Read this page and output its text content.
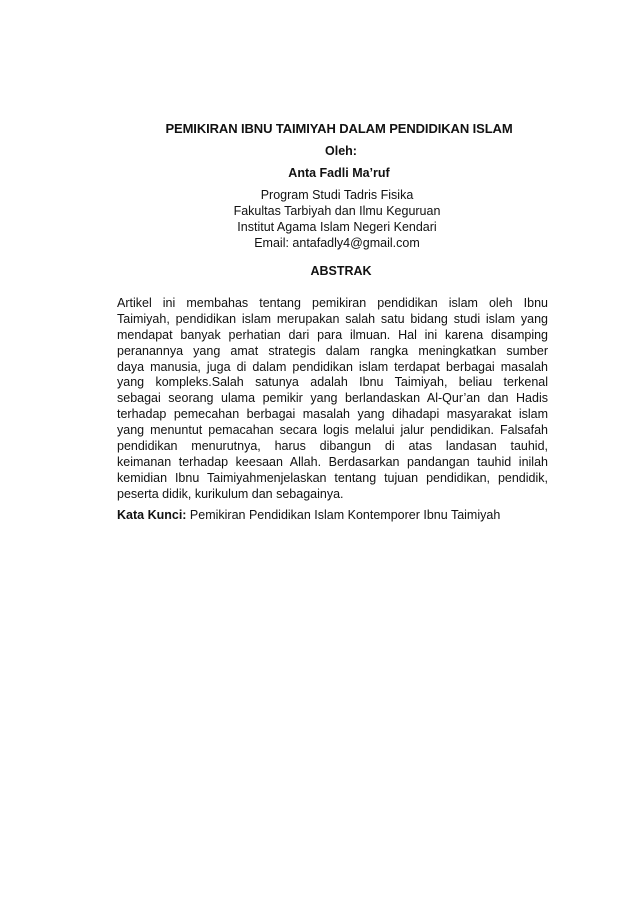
PEMIKIRAN IBNU TAIMIYAH DALAM PENDIDIKAN ISLAM
Oleh:
Anta Fadli Ma’ruf
Program Studi Tadris Fisika
Fakultas Tarbiyah dan Ilmu Keguruan
Institut Agama Islam Negeri Kendari
Email: antafadly4@gmail.com
ABSTRAK
Artikel ini membahas tentang pemikiran pendidikan islam oleh Ibnu
Taimiyah, pendidikan islam merupakan salah satu bidang studi islam yang
mendapat banyak perhatian dari para ilmuan. Hal ini karena disamping
peranannya yang amat strategis dalam rangka meningkatkan sumber
daya manusia, juga di dalam pendidikan islam terdapat berbagai masalah
yang kompleks.Salah satunya adalah Ibnu Taimiyah, beliau terkenal
sebagai seorang ulama pemikir yang berlandaskan Al-Qur’an dan Hadis
terhadap pemecahan berbagai masalah yang dihadapi masyarakat islam
yang menuntut pemacahan secara logis melalui jalur pendidikan. Falsafah
pendidikan menurutnya, harus dibangun di atas landasan tauhid,
keimanan terhadap keesaan Allah. Berdasarkan pandangan tauhid inilah
kemidian Ibnu Taimiyahmenjelaskan tentang tujuan pendidikan, pendidik,
peserta didik, kurikulum dan sebagainya.
Kata Kunci: Pemikiran Pendidikan Islam Kontemporer Ibnu Taimiyah
